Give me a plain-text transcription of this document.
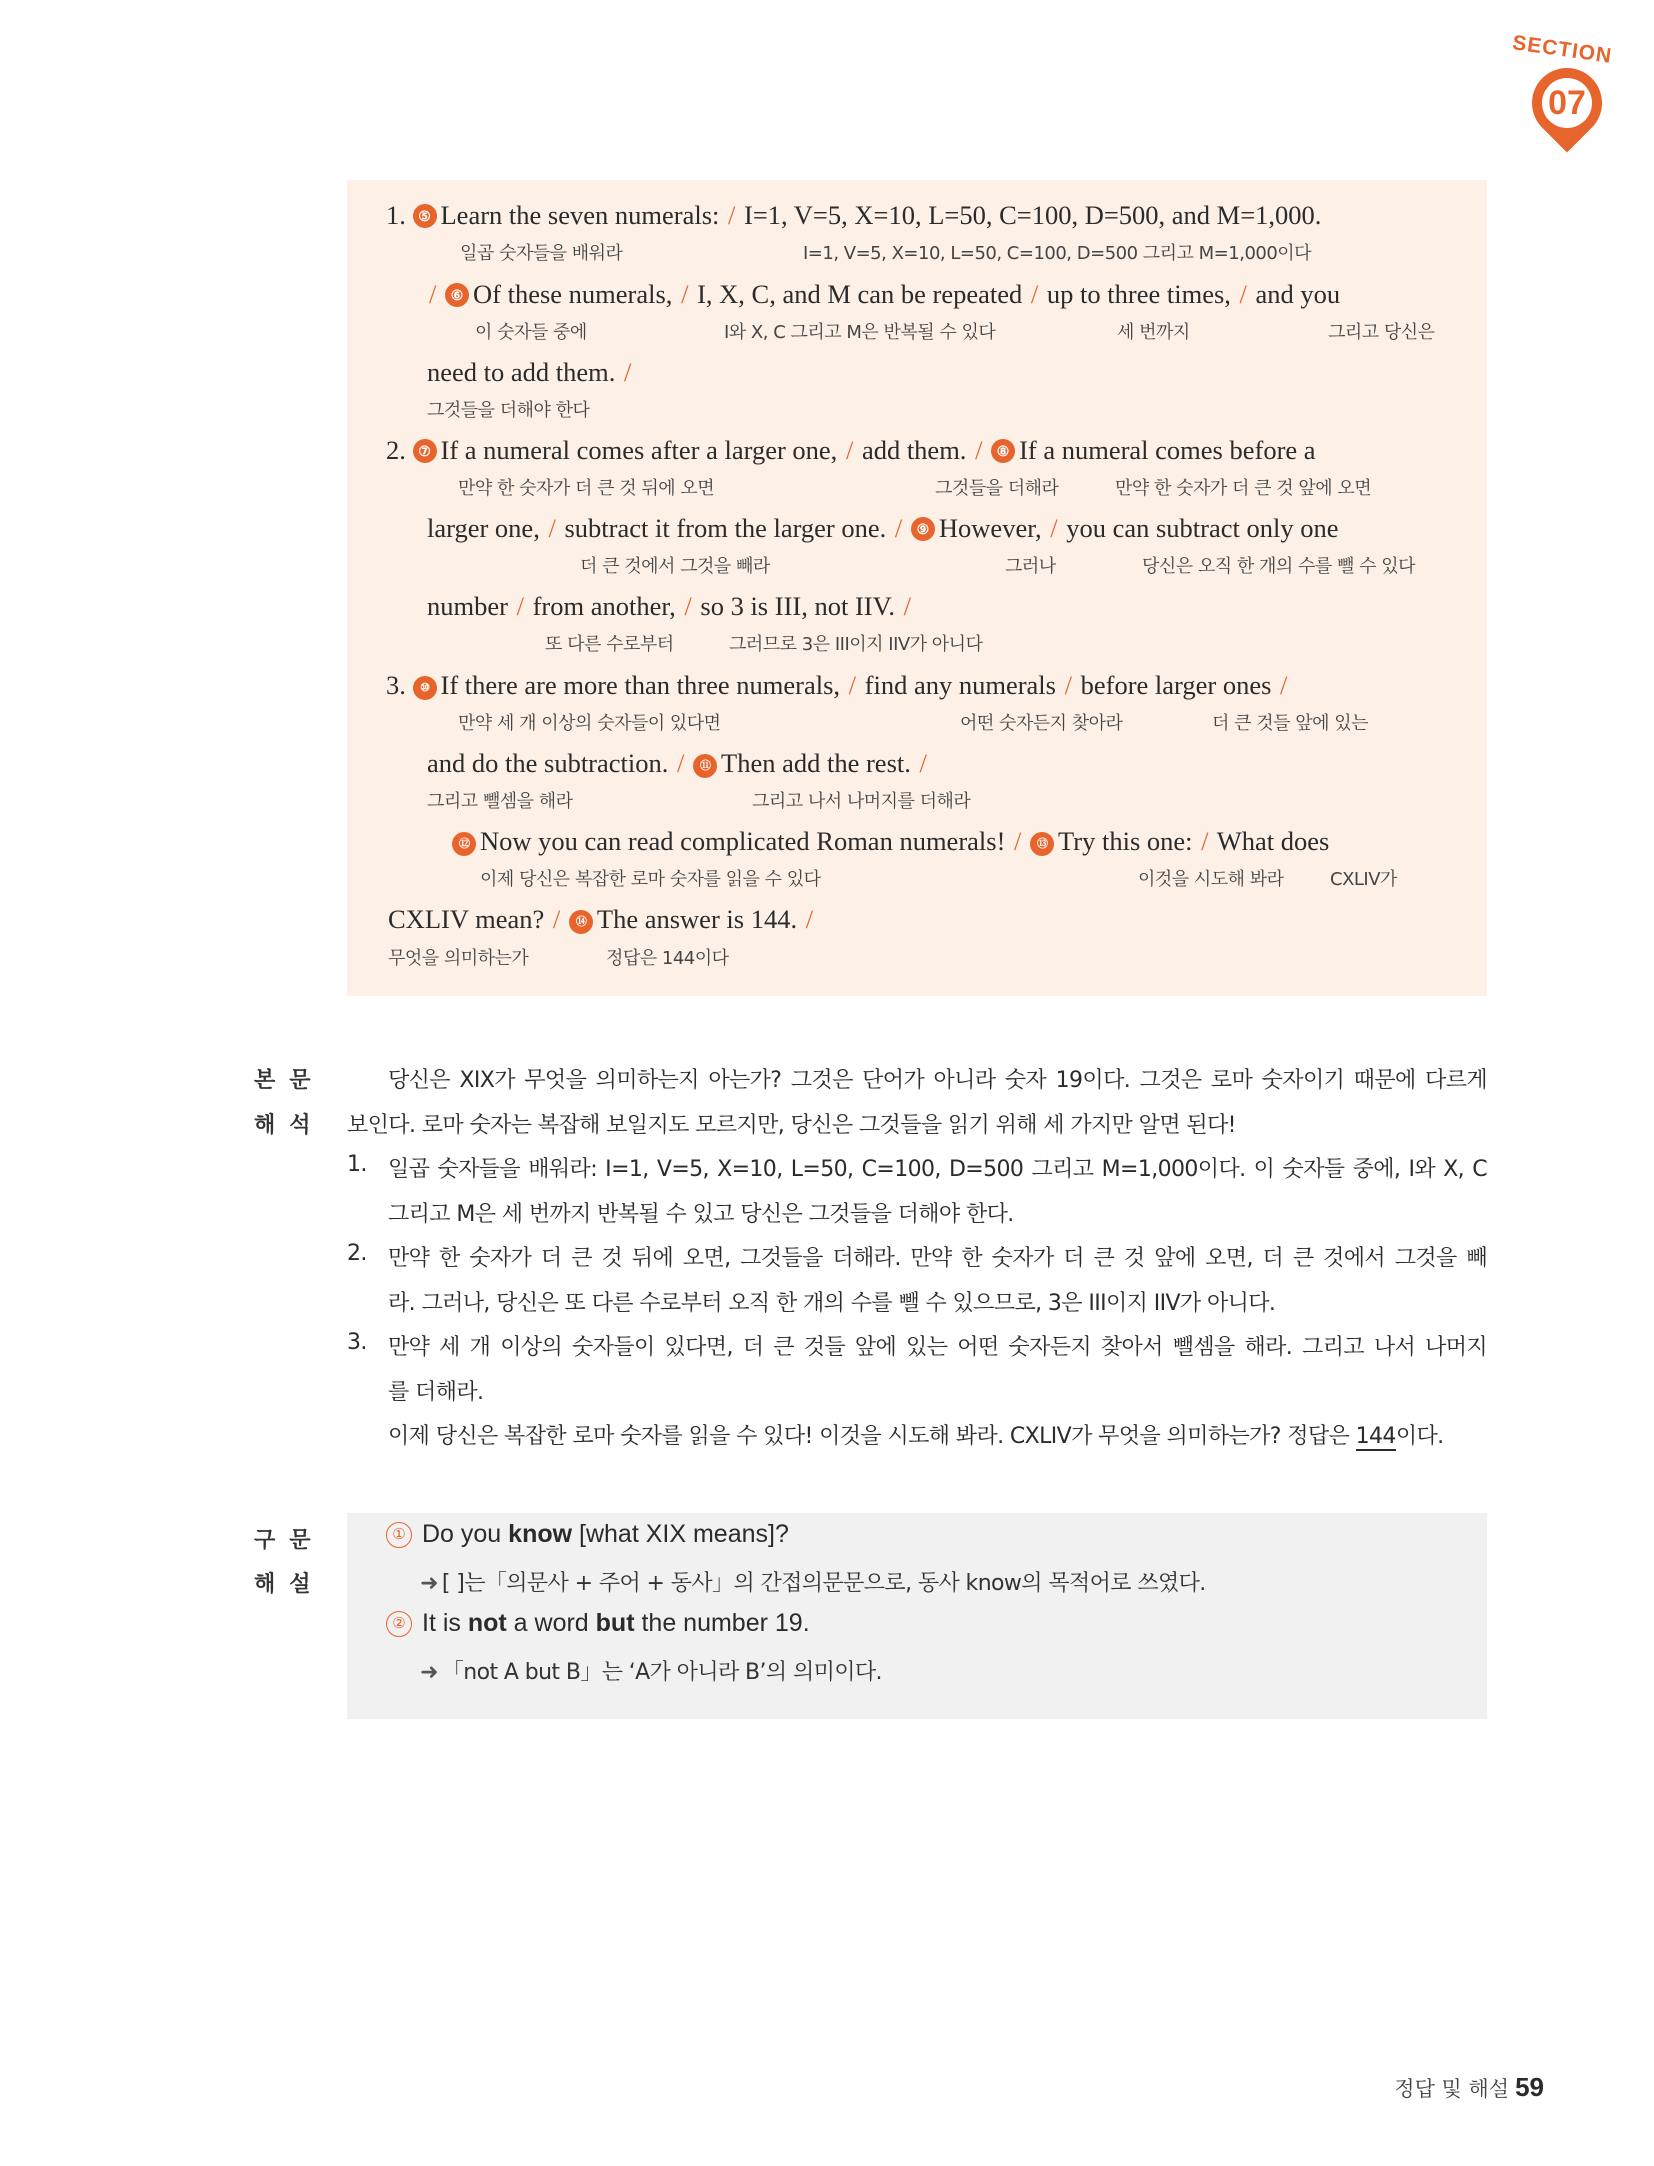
SECTION
07
1. ⑤ Learn the seven numerals: / I=1, V=5, X=10, L=50, C=100, D=500, and M=1,000.
일곱 숫자들을 배워라	I=1, V=5, X=10, L=50, C=100, D=500 그리고 M=1,000이다
/ ⑥ Of these numerals, / I, X, C, and M can be repeated / up to three times, / and you
이 숫자들 중에	I와 X, C 그리고 M은 반복될 수 있다	세 번까지	그리고 당신은
need to add them. /
그것들을 더해야 한다
2. ⑦ If a numeral comes after a larger one, / add them. / ⑧ If a numeral comes before a
만약 한 숫자가 더 큰 것 뒤에 오면	그것들을 더해라	만약 한 숫자가 더 큰 것 앞에 오면
larger one, / subtract it from the larger one. / ⑨ However, / you can subtract only one
더 큰 것에서 그것을 빼라	그러나	당신은 오직 한 개의 수를 뺄 수 있다
number / from another, / so 3 is III, not IIV. /
또 다른 수로부터	그러므로 3은 III이지 IIV가 아니다
3. ⑩ If there are more than three numerals, / find any numerals / before larger ones /
만약 세 개 이상의 숫자들이 있다면	어떤 숫자든지 찾아라	더 큰 것들 앞에 있는
and do the subtraction. / ⑪ Then add the rest. /
그리고 뺄셈을 해라	그리고 나서 나머지를 더해라
⑫ Now you can read complicated Roman numerals! / ⑬ Try this one: / What does
이제 당신은 복잡한 로마 숫자를 읽을 수 있다	이것을 시도해 봐라	CXLIV가
CXLIV mean? / ⑭ The answer is 144. /
무엇을 의미하는가	정답은 144이다
본문
해석
당신은 XIX가 무엇을 의미하는지 아는가? 그것은 단어가 아니라 숫자 19이다. 그것은 로마 숫자이기 때문에 다르게
보인다. 로마 숫자는 복잡해 보일지도 모르지만, 당신은 그것들을 읽기 위해 세 가지만 알면 된다!
1. 일곱 숫자들을 배워라: I=1, V=5, X=10, L=50, C=100, D=500 그리고 M=1,000이다. 이 숫자들 중에, I와 X, C
그리고 M은 세 번까지 반복될 수 있고 당신은 그것들을 더해야 한다.
2. 만약 한 숫자가 더 큰 것 뒤에 오면, 그것들을 더해라. 만약 한 숫자가 더 큰 것 앞에 오면, 더 큰 것에서 그것을 빼
라. 그러나, 당신은 또 다른 수로부터 오직 한 개의 수를 뺄 수 있으므로, 3은 III이지 IIV가 아니다.
3. 만약 세 개 이상의 숫자들이 있다면, 더 큰 것들 앞에 있는 어떤 숫자든지 찾아서 뺄셈을 해라. 그리고 나서 나머지
를 더해라.
이제 당신은 복잡한 로마 숫자를 읽을 수 있다! 이것을 시도해 봐라. CXLIV가 무엇을 의미하는가? 정답은 144이다.
구문
해설
① Do you know [what XIX means]?
➜ [ ]는「의문사 + 주어 + 동사」의 간접의문문으로, 동사 know의 목적어로 쓰였다.
② It is not a word but the number 19.
➜ 「not A but B」는 ‘A가 아니라 B’의 의미이다.
정답 및 해설 59
